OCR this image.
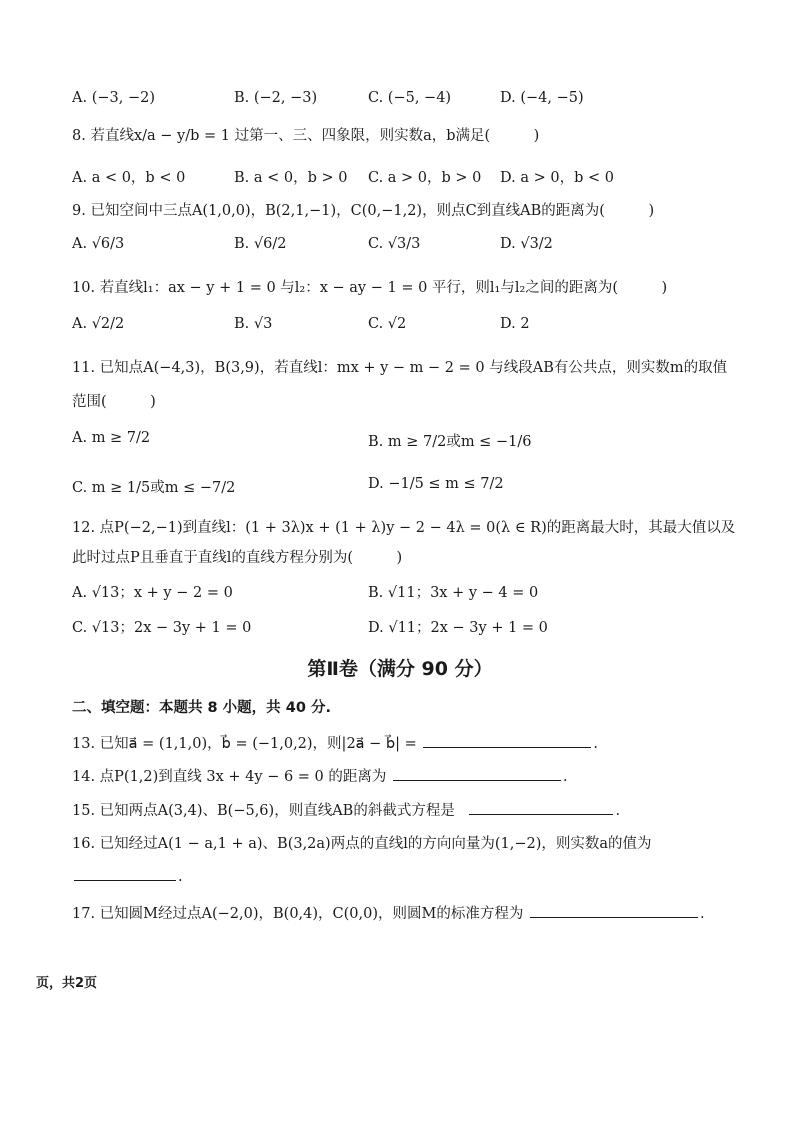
A. (−3, −2)	B. (−2, −3)	C. (−5, −4)	D. (−4, −5)
8. 若直线x/a − y/b = 1 过第一、三、四象限，则实数a，b满足(　　　)
A. a < 0，b < 0	B. a < 0，b > 0 C. a > 0，b > 0 D. a > 0，b < 0
9. 已知空间中三点A(1,0,0)，B(2,1,−1)，C(0,−1,2)，则点C到直线AB的距离为(　　　)
A. √6/3	B. √6/2	C. √3/3	D. √3/2
10. 若直线l₁：ax − y + 1 = 0 与l₂：x − ay − 1 = 0 平行，则l₁与l₂之间的距离为(　　　)
A. √2/2	B. √3	C. √2	D. 2
11. 已知点A(−4,3)，B(3,9)，若直线l：mx + y − m − 2 = 0 与线段AB有公共点，则实数m的取值
范围(　　　)
A. m ≥ 7/2	B. m ≥ 7/2或m ≤ −1/6
C. m ≥ 1/5或m ≤ −7/2	D. −1/5 ≤ m ≤ 7/2
12. 点P(−2,−1)到直线l：(1 + 3λ)x + (1 + λ)y − 2 − 4λ = 0(λ ∈ R)的距离最大时，其最大值以及
此时过点P且垂直于直线l的直线方程分别为(　　　)
A. √13；x + y − 2 = 0	B. √11；3x + y − 4 = 0
C. √13；2x − 3y + 1 = 0	D. √11；2x − 3y + 1 = 0
第Ⅱ卷（满分 90 分）
二、填空题：本题共 8 小题，共 40 分.
13. 已知a⃗ = (1,1,0)，b⃗ = (−1,0,2)，则|2a⃗ − b⃗| =	.
14. 点P(1,2)到直线 3x + 4y − 6 = 0 的距离为	.
15. 已知两点A(3,4)、B(−5,6)，则直线AB的斜截式方程是	.
16. 已知经过A(1 − a,1 + a)、B(3,2a)两点的直线l的方向向量为(1,−2)，则实数a的值为
.
17. 已知圆M经过点A(−2,0)，B(0,4)，C(0,0)，则圆M的标准方程为	.
页，共2页
